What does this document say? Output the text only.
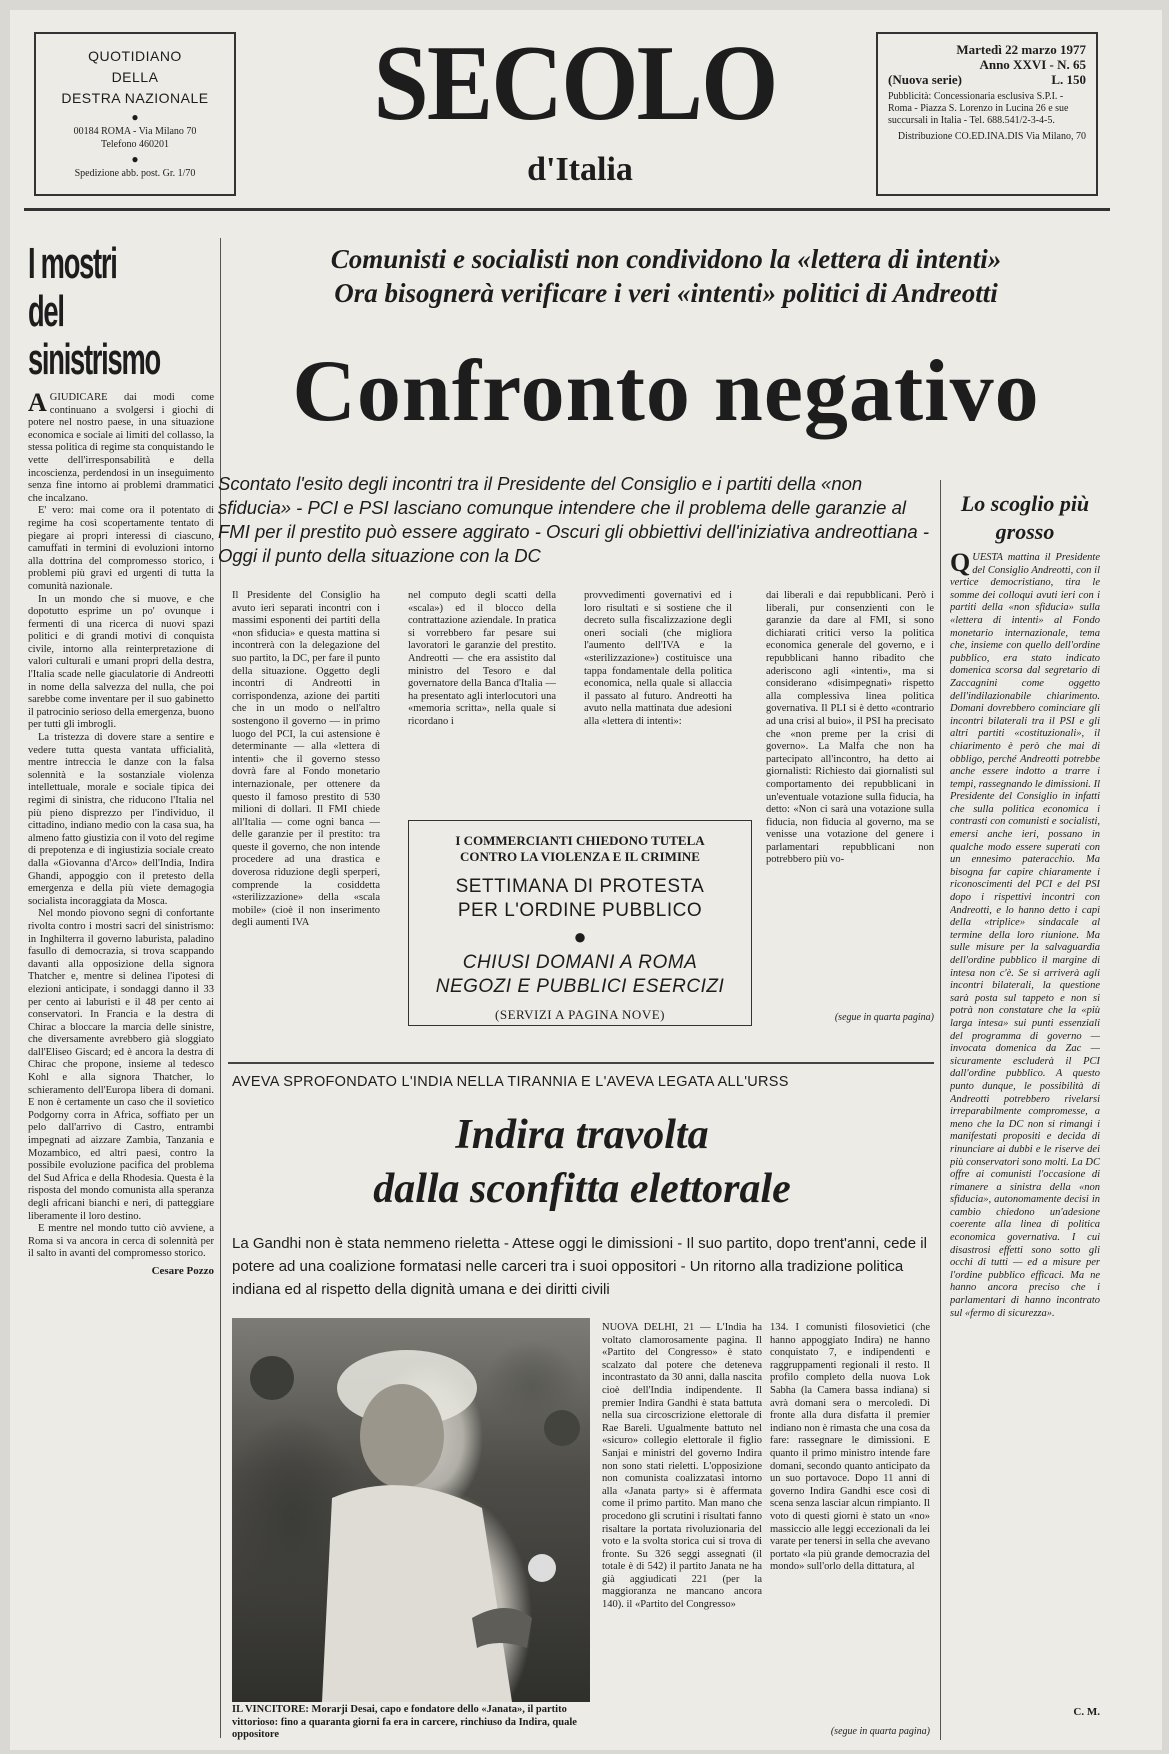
QUOTIDIANO
DELLA
DESTRA NAZIONALE
●
00184 ROMA - Via Milano 70
Telefono 460201
●
Spedizione abb. post. Gr. 1/70
SECOLO
d'Italia
Martedì 22 marzo 1977
Anno XXVI - N. 65
(Nuova serie)	L. 150
Pubblicità: Concessionaria esclusiva S.P.I. - Roma - Piazza S. Lorenzo in Lucina 26 e sue succursali in Italia - Tel. 688.541/2-3-4-5.
Distribuzione CO.ED.INA.DIS Via Milano, 70
I mostri
del
sinistrismo

AGIUDICARE dai modi come continuano a svolgersi i giochi di potere nel nostro paese, in una situazione economica e sociale ai limiti del collasso, la stessa politica di regime sta conquistando le vette dell'irresponsabilità e della incoscienza, perdendosi in un inseguimento senza fine intorno ai problemi drammatici che incalzano.

E' vero: mai come ora il potentato di regime ha così scopertamente tentato di piegare ai propri interessi di ciascuno, camuffati in termini di evoluzioni intorno alla dottrina del compromesso storico, i problemi più gravi ed urgenti di tutta la comunità nazionale.

In un mondo che si muove, e che dopotutto esprime un po' ovunque i fermenti di una ricerca di nuovi spazi politici e di grandi motivi di conquista civile, intorno alla reinterpretazione di valori culturali e umani propri della destra, l'Italia scade nelle giaculatorie di Andreotti in nome della salvezza del nulla, che poi sarebbe come inventare per il suo gabinetto il patrocinio serioso della emergenza, buono per tutti gli imbrogli.

La tristezza di dovere stare a sentire e vedere tutta questa vantata ufficialità, mentre intreccia le danze con la falsa solennità e la sostanziale violenza intellettuale, morale e sociale tipica dei regimi di sinistra, che riducono l'Italia nel più pieno disprezzo per l'individuo, il cittadino, indiano medio con la casa sua, ha almeno fatto giustizia con il voto del regime di prepotenza e di ingiustizia sociale creato dalla «Giovanna d'Arco» dell'India, Indira Ghandi, appoggio con il pretesto della emergenza e della più viete demagogia socialista incoraggiata da Mosca.

Nel mondo piovono segni di confortante rivolta contro i mostri sacri del sinistrismo: in Inghilterra il governo laburista, paladino fasullo di democrazia, si trova scappando davanti alla opposizione della signora Thatcher e, mentre si delinea l'ipotesi di elezioni anticipate, i sondaggi danno il 33 per cento ai laburisti e il 48 per cento ai conservatori. In Francia e la destra di Chirac a bloccare la marcia delle sinistre, che diversamente avrebbero già sloggiato dall'Eliseo Giscard; ed è ancora la destra di Chirac che propone, insieme al tedesco Kohl e alla signora Thatcher, lo schieramento dell'Europa libera di domani. E non è certamente un caso che il sovietico Podgorny corra in Africa, soffiato per un pelo dall'arrivo di Castro, entrambi impegnati ad aizzare Zambia, Tanzania e Mozambico, ed altri paesi, contro la possibile evoluzione pacifica del problema del Sud Africa e della Rhodesia. Questa è la risposta del mondo comunista alla speranza degli africani bianchi e neri, di patteggiare liberamente il loro destino.

E mentre nel mondo tutto ciò avviene, a Roma si va ancora in cerca di solennità per il salto in avanti del compromesso storico.

Cesare Pozzo
Comunisti e socialisti non condividono la «lettera di intenti»
Ora bisognerà verificare i veri «intenti» politici di Andreotti
Confronto negativo
Scontato l'esito degli incontri tra il Presidente del Consiglio e i partiti della «non sfiducia» - PCI e PSI lasciano comunque intendere che il problema delle garanzie al FMI per il prestito può essere aggirato - Oscuri gli obbiettivi dell'iniziativa andreottiana - Oggi il punto della situazione con la DC
Il Presidente del Consiglio ha avuto ieri separati incontri con i massimi esponenti dei partiti della «non sfiducia» e questa mattina si incontrerà con la delegazione del suo partito, la DC, per fare il punto della situazione. Oggetto degli incontri di Andreotti in corrispondenza, azione dei partiti che in un modo o nell'altro sostengono il governo — in primo luogo del PCI, la cui astensione è determinante — alla «lettera di intenti» che il governo stesso dovrà fare al Fondo monetario internazionale, per ottenere da questo il famoso prestito di 530 milioni di dollari. Il FMI chiede all'Italia — come ogni banca — delle garanzie per il prestito: tra queste il governo, che non intende procedere ad una drastica e doverosa riduzione degli sperperi, comprende la cosiddetta «sterilizzazione» della «scala mobile» (cioè il non inserimento degli aumenti IVA
nel computo degli scatti della «scala») ed il blocco della contrattazione aziendale. In pratica si vorrebbero far pesare sui lavoratori le garanzie del prestito. Andreotti — che era assistito dal ministro del Tesoro e dal governatore della Banca d'Italia — ha presentato agli interlocutori una «memoria scritta», nella quale si ricordano i
provvedimenti governativi ed i loro risultati e si sostiene che il decreto sulla fiscalizzazione degli oneri sociali (che migliora l'aumento dell'IVA e la «sterilizzazione») costituisce una tappa fondamentale della politica economica, nella quale si allaccia il passato al futuro. Andreotti ha avuto nella mattinata due adesioni alla «lettera di intenti»:
dai liberali e dai repubblicani. Però i liberali, pur consenzienti con le garanzie da dare al FMI, si sono dichiarati critici verso la politica economica generale del governo, e i repubblicani hanno ribadito che aderiscono agli «intenti», ma si considerano «disimpegnati» rispetto alla complessiva linea politica governativa. Il PLI si è detto «contrario ad una crisi al buio», il PSI ha precisato che «non preme per la crisi di governo». La Malfa che non ha partecipato all'incontro, ha detto ai giornalisti: Richiesto dai giornalisti sul comportamento dei repubblicani in un'eventuale votazione sulla fiducia, ha detto: «Non ci sarà una votazione sulla fiducia, non fiducia al governo, ma se venisse una votazione del genere i parlamentari repubblicani non potrebbero più vo-
(segue in quarta pagina)
I COMMERCIANTI CHIEDONO TUTELA
CONTRO LA VIOLENZA E IL CRIMINE
SETTIMANA DI PROTESTA
PER L'ORDINE PUBBLICO
●
CHIUSI DOMANI A ROMA
NEGOZI E PUBBLICI ESERCIZI
(SERVIZI A PAGINA NOVE)
Lo scoglio più grosso
QUESTA mattina il Presidente del Consiglio Andreotti, con il vertice democristiano, tira le somme dei colloqui avuti ieri con i partiti della «non sfiducia» sulla «lettera di intenti» al Fondo monetario internazionale, tema che, insieme con quello dell'ordine pubblico, era stato indicato domenica scorsa dal segretario di Zaccagnini come oggetto dell'indilazionabile chiarimento. Domani dovrebbero cominciare gli incontri bilaterali tra il PSI e gli altri partiti «costituzionali», il chiarimento è però che mai di obbligo, perché Andreotti potrebbe anche essere indotto a trarre i tempi, rassegnando le dimissioni. Il Presidente del Consiglio in infatti che sulla politica economica i contrasti con comunisti e socialisti, emersi anche ieri, possano in qualche modo essere superati con un ennesimo pateracchio. Ma bisogna far capire chiaramente i riconoscimenti del PCI e del PSI dopo i rispettivi incontri con Andreotti, e lo hanno detto i capi della «triplice» sindacale al termine della loro riunione. Ma sulle misure per la salvaguardia dell'ordine pubblico il margine di intesa non c'è. Se si arriverà agli incontri bilaterali, la questione sarà posta sul tappeto e non si potrà non constatare che la «più larga intesa» sui punti essenziali del programma di governo — invocata domenica da Zac — sicuramente escluderà il PCI dall'ordine pubblico. A questo punto dunque, le possibilità di Andreotti potrebbero rivelarsi irreparabilmente compromesse, a meno che la DC non si rimangi i manifestati propositi e decida di rinunciare ai dubbi e le riserve dei più conservatori sono molti. La DC offre ai comunisti l'occasione di rimanere a sinistra della «non sfiducia», autonomamente decisi in cambio chiedono un'adesione coerente alla linea di politica economica governativa. I cui disastrosi effetti sono sotto gli occhi di tutti — ed a misure per l'ordine pubblico efficaci. Ma ne hanno ancora preciso che i parlamentari di hanno incontrato sul «fermo di sicurezza».
C. M.
AVEVA SPROFONDATO L'INDIA NELLA TIRANNIA E L'AVEVA LEGATA ALL'URSS
Indira travolta
dalla sconfitta elettorale
La Gandhi non è stata nemmeno rieletta - Attese oggi le dimissioni - Il suo partito, dopo trent'anni, cede il potere ad una coalizione formatasi nelle carceri tra i suoi oppositori - Un ritorno alla tradizione politica indiana ed al rispetto della dignità umana e dei diritti civili
IL VINCITORE: Morarji Desai, capo e fondatore dello «Janata», il partito vittorioso: fino a quaranta giorni fa era in carcere, rinchiuso da Indira, quale oppositore
NUOVA DELHI, 21 — L'India ha voltato clamorosamente pagina. Il «Partito del Congresso» è stato scalzato dal potere che deteneva incontrastato da 30 anni, dalla nascita cioè dell'India indipendente. Il premier Indira Gandhi è stata battuta nella sua circoscrizione elettorale di Rae Bareli. Ugualmente battuto nel «sicuro» collegio elettorale il figlio Sanjai e ministri del governo Indira non sono stati rieletti. L'opposizione non comunista coalizzatasi intorno alla «Janata party» si è affermata come il primo partito. Man mano che procedono gli scrutini i risultati fanno risaltare la portata rivoluzionaria del voto e la svolta storica cui si trova di fronte. Su 326 seggi assegnati (il totale è di 542) il partito Janata ne ha già aggiudicati 221 (per la maggioranza ne mancano ancora 140). il «Partito del Congresso»
134. I comunisti filosovietici (che hanno appoggiato Indira) ne hanno conquistato 7, e indipendenti e raggruppamenti regionali il resto. Il profilo completo della nuova Lok Sabha (la Camera bassa indiana) si avrà domani sera o mercoledì. Di fronte alla dura disfatta il premier indiano non è rimasta che una cosa da fare: rassegnare le dimissioni. E quanto il primo ministro intende fare domani, secondo quanto anticipato da un suo portavoce. Dopo 11 anni di governo Indira Gandhi esce così di scena senza lasciar alcun rimpianto. Il voto di questi giorni è stato un «no» massiccio alle leggi eccezionali da lei varate per tenersi in sella che avevano portato «la più grande democrazia del mondo» sull'orlo della dittatura, al
(segue in quarta pagina)
